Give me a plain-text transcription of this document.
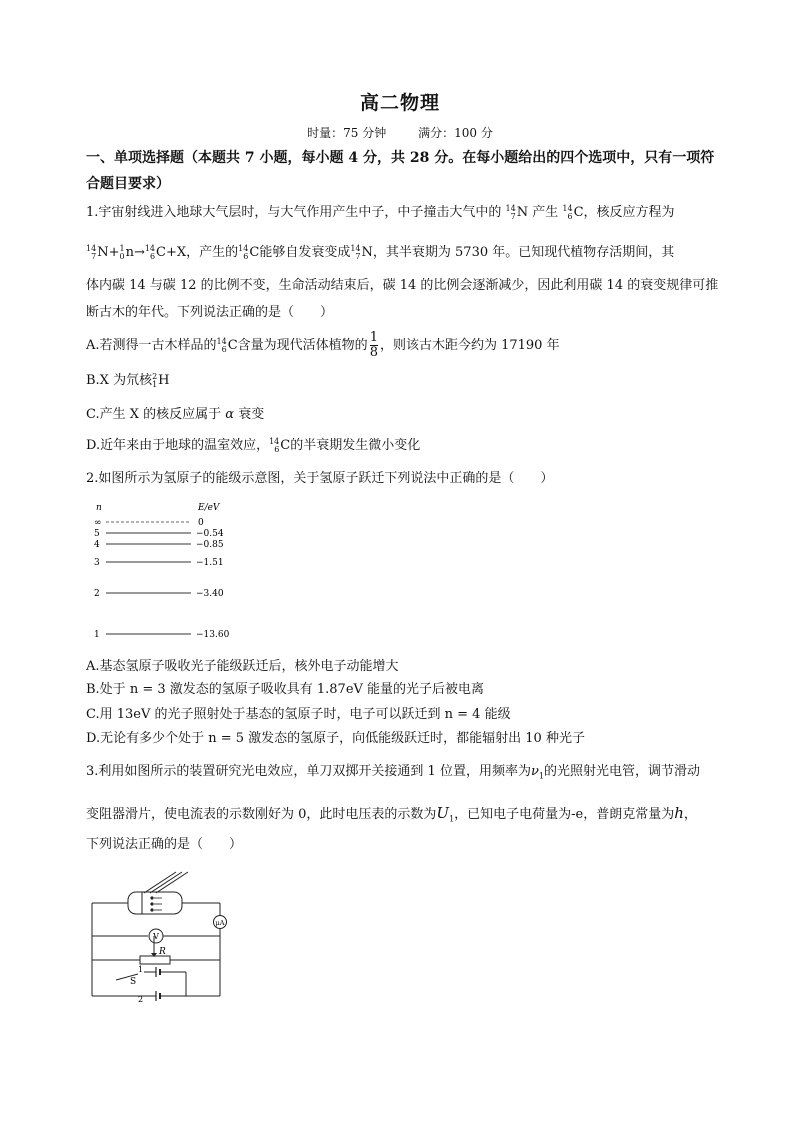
高二物理
时量：75 分钟	满分：100 分
一、单项选择题（本题共 7 小题，每小题 4 分，共 28 分。在每小题给出的四个选项中，只有一项符合题目要求）
1.宇宙射线进入地球大气层时，与大气作用产生中子，中子撞击大气中的 14
7 N 产生 14
6 C，核反应方程为
14
7 N+ 1
0 n→ 14
6 C+X，产生的 14
6 C能够自发衰变成 14
7 N，其半衰期为 5730 年。已知现代植物存活期间，其
体内碳 14 与碳 12 的比例不变，生命活动结束后，碳 14 的比例会逐渐减少，因此利用碳 14 的衰变规律可推
断古木的年代。下列说法正确的是（　　）
A.若测得一古木样品的 14
6 C含量为现代活体植物的 $\frac{1}{8}$ ，则该古木距今约为 17190 年
B.X 为氘核 2
1 H
C.产生 X 的核反应属于 α 衰变
D.近年来由于地球的温室效应， 14
6 C的半衰期发生微小变化
2.如图所示为氢原子的能级示意图，关于氢原子跃迁下列说法中正确的是（　　）
n	E/eV
∞	0
5	−0.54
4	−0.85
3	−1.51
2	−3.40
1	−13.60
A.基态氢原子吸收光子能级跃迁后，核外电子动能增大
B.处于 n = 3 激发态的氢原子吸收具有 1.87eV 能量的光子后被电离
C.用 13eV 的光子照射处于基态的氢原子时，电子可以跃迁到 n = 4 能级
D.无论有多少个处于 n = 5 激发态的氢原子，向低能级跃迁时，都能辐射出 10 种光子
3.利用如图所示的装置研究光电效应，单刀双掷开关接通到 1 位置，用频率为$\nu_1$的光照射光电管，调节滑动
变阻器滑片，使电流表的示数刚好为 0，此时电压表的示数为$U_1$，已知电子电荷量为-e，普朗克常量为h，
下列说法正确的是（　　）
μA
V
R
S
1
2
